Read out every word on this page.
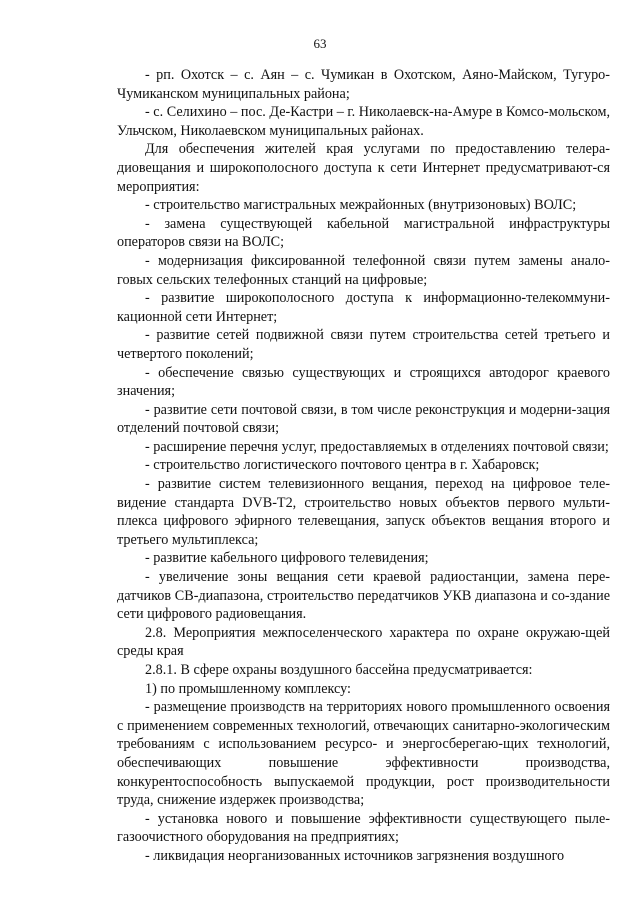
63

- рп. Охотск – с. Аян – с. Чумикан в Охотском, Аяно-Майском, Тугуро-Чумиканском муниципальных района;

- с. Селихино – пос. Де-Кастри – г. Николаевск-на-Амуре в Комсо-мольском, Ульчском, Николаевском муниципальных районах.

Для обеспечения жителей края услугами по предоставлению телера-диовещания и широкополосного доступа к сети Интернет предусматривают-ся мероприятия:

- строительство магистральных межрайонных (внутризоновых) ВОЛС;

- замена существующей кабельной магистральной инфраструктуры операторов связи на ВОЛС;

- модернизация фиксированной телефонной связи путем замены анало-говых сельских телефонных станций на цифровые;

- развитие широкополосного доступа к информационно-телекоммуни-кационной сети Интернет;

- развитие сетей подвижной связи путем строительства сетей третьего и четвертого поколений;

- обеспечение связью существующих и строящихся автодорог краевого значения;

- развитие сети почтовой связи, в том числе реконструкция и модерни-зация отделений почтовой связи;

- расширение перечня услуг, предоставляемых в отделениях почтовой связи;

- строительство логистического почтового центра в г. Хабаровск;

- развитие систем телевизионного вещания, переход на цифровое теле-видение стандарта DVB-T2, строительство новых объектов первого мульти-плекса цифрового эфирного телевещания, запуск объектов вещания второго и третьего мультиплекса;

- развитие кабельного цифрового телевидения;

- увеличение зоны вещания сети краевой радиостанции, замена пере-датчиков СВ-диапазона, строительство передатчиков УКВ диапазона и со-здание сети цифрового радиовещания.

2.8. Мероприятия межпоселенческого характера по охране окружаю-щей среды края

2.8.1. В сфере охраны воздушного бассейна предусматривается:

1) по промышленному комплексу:

- размещение производств на территориях нового промышленного освоения с применением современных технологий, отвечающих санитарно-экологическим требованиям с использованием ресурсо- и энергосберегаю-щих технологий, обеспечивающих повышение эффективности производства, конкурентоспособность выпускаемой продукции, рост производительности труда, снижение издержек производства;

- установка нового и повышение эффективности существующего пыле-газоочистного оборудования на предприятиях;

- ликвидация неорганизованных источников загрязнения воздушного
